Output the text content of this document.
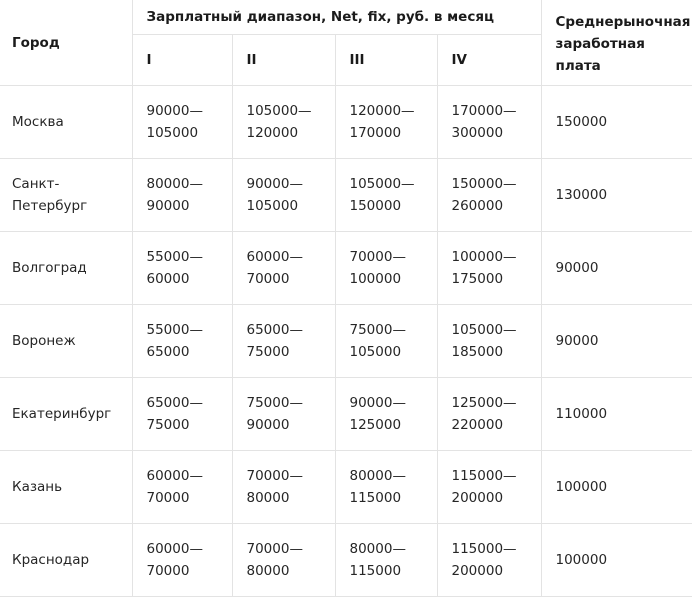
Город	Зарплатный диапазон, Net, fix, руб. в месяц				Среднерыночная заработная плата
	I	II	III	IV	
Москва	90000— 105000	105000— 120000	120000— 170000	170000— 300000	150000
Санкт-Петербург	80000— 90000	90000— 105000	105000— 150000	150000— 260000	130000
Волгоград	55000— 60000	60000— 70000	70000— 100000	100000— 175000	90000
Воронеж	55000— 65000	65000— 75000	75000— 105000	105000— 185000	90000
Екатеринбург	65000— 75000	75000— 90000	90000— 125000	125000— 220000	110000
Казань	60000— 70000	70000— 80000	80000— 115000	115000— 200000	100000
Краснодар	60000— 70000	70000— 80000	80000— 115000	115000— 200000	100000
